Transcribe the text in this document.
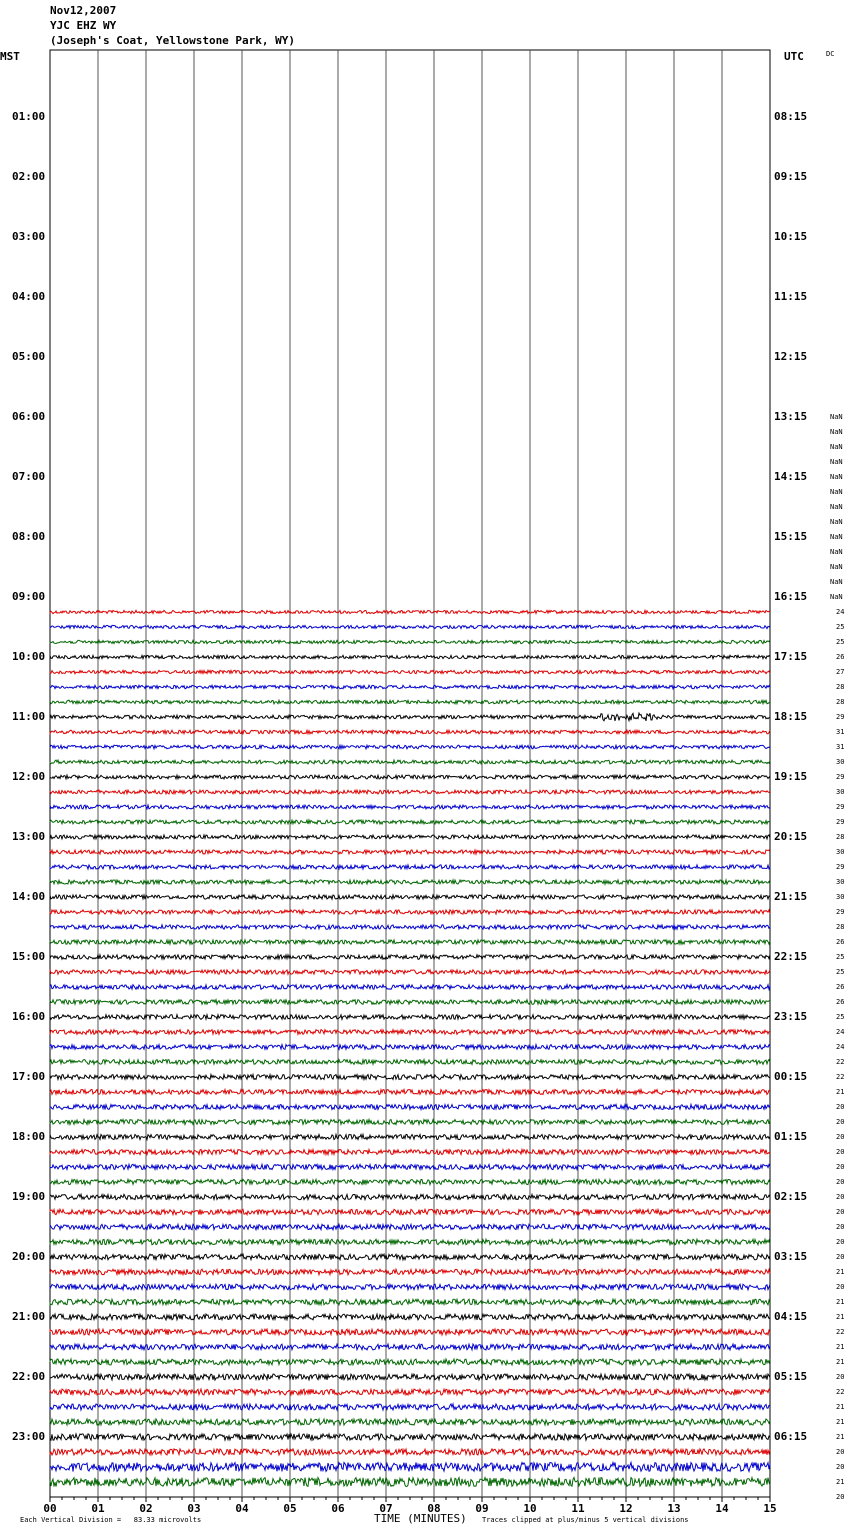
Nov12,2007
YJC EHZ WY
(Joseph's Coat, Yellowstone Park, WY)
MST	UTC	DC
01:00
02:00
03:00
04:00
05:00
06:00
07:00
08:00
09:00
10:00
11:00
12:00
13:00
14:00
15:00
16:00
17:00
18:00
19:00
20:00
21:00
22:00
23:00
08:15
09:15
10:15
11:15
12:15
13:15
14:15
15:15
16:15
17:15
18:15
19:15
20:15
21:15
22:15
23:15
00:15
01:15
02:15
03:15
04:15
05:15
06:15
NaN
NaN
NaN
NaN
NaN
NaN
NaN
NaN
NaN
NaN
NaN
NaN
NaN
24
25
25
26
27
28
28
29
31
31
30
29
30
29
29
28
30
29
30
30
29
28
26
25
25
26
26
25
24
24
22
22
21
20
20
20
20
20
20
20
20
20
20
20
21
20
21
21
22
21
21
20
22
21
21
21
20
20
21
20
00	01	02	03	04	05	06	07	08	09	10	11	12	13	14	15
Each Vertical Division =   83.33 microvolts	TIME (MINUTES) Traces clipped at plus/minus 5 vertical divisions
